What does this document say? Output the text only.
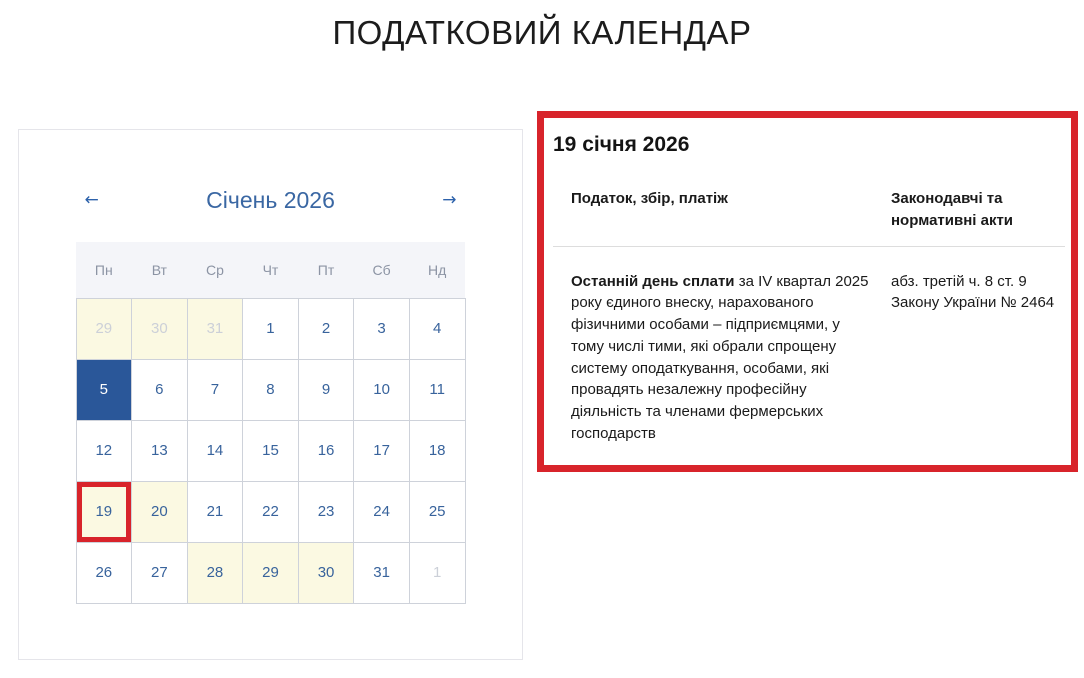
ПОДАТКОВИЙ КАЛЕНДАР
←	Січень 2026	→
Пн	Вт	Ср	Чт	Пт	Сб	Нд

29	30	31	1	2	3	4

5	6	7	8	9	10	11

12	13	14	15	16	17	18

19	20	21	22	23	24	25

26	27	28	29	30	31	1
19 січня 2026
Податок, збір, платіж	Законодавчі та нормативні акти
Останній день сплати за IV квартал 2025 року єдиного внеску, нарахованого фізичними особами – підприємцями, у тому числі тими, які обрали спрощену систему оподаткування, особами, які провадять незалежну професійну діяльність та членами фермерських господарств	абз. третій ч. 8 ст. 9 Закону України № 2464
